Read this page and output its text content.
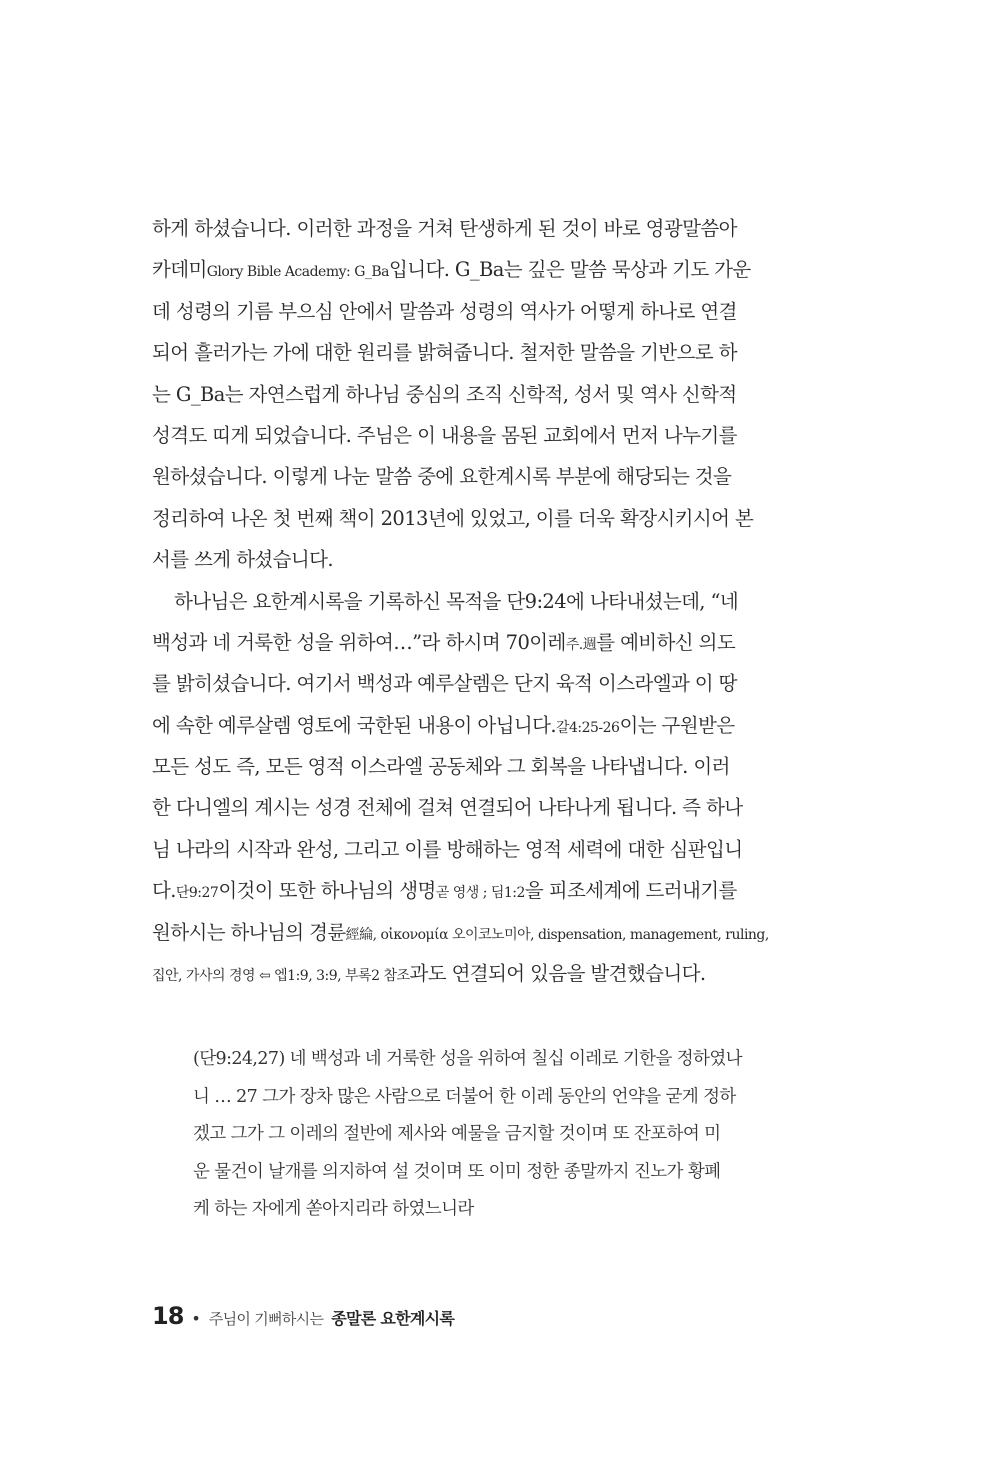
하게 하셨습니다. 이러한 과정을 거쳐 탄생하게 된 것이 바로 영광말씀아
카데미Glory Bible Academy: G_Ba입니다. G_Ba는 깊은 말씀 묵상과 기도 가운
데 성령의 기름 부으심 안에서 말씀과 성령의 역사가 어떻게 하나로 연결
되어 흘러가는 가에 대한 원리를 밝혀줍니다. 철저한 말씀을 기반으로 하
는 G_Ba는 자연스럽게 하나님 중심의 조직 신학적, 성서 및 역사 신학적
성격도 띠게 되었습니다. 주님은 이 내용을 몸된 교회에서 먼저 나누기를
원하셨습니다. 이렇게 나눈 말씀 중에 요한계시록 부분에 해당되는 것을
정리하여 나온 첫 번째 책이 2013년에 있었고, 이를 더욱 확장시키시어 본
서를 쓰게 하셨습니다.
하나님은 요한계시록을 기록하신 목적을 단9:24에 나타내셨는데, “네
백성과 네 거룩한 성을 위하여…”라 하시며 70이레주.週를 예비하신 의도
를 밝히셨습니다. 여기서 백성과 예루살렘은 단지 육적 이스라엘과 이 땅
에 속한 예루살렘 영토에 국한된 내용이 아닙니다.갈4:25-26이는 구원받은
모든 성도 즉, 모든 영적 이스라엘 공동체와 그 회복을 나타냅니다. 이러
한 다니엘의 계시는 성경 전체에 걸쳐 연결되어 나타나게 됩니다. 즉 하나
님 나라의 시작과 완성, 그리고 이를 방해하는 영적 세력에 대한 심판입니
다.단9:27이것이 또한 하나님의 생명곧 영생 ; 딤1:2을 피조세계에 드러내기를
원하시는 하나님의 경륜經綸, οἰκονομία 오이코노미아, dispensation, management, ruling,
집안, 가사의 경영 ⇦ 엡1:9, 3:9, 부록2 참조과도 연결되어 있음을 발견했습니다.
(단9:24,27) 네 백성과 네 거룩한 성을 위하여 칠십 이레로 기한을 정하였나
니 … 27 그가 장차 많은 사람으로 더불어 한 이레 동안의 언약을 굳게 정하
겠고 그가 그 이레의 절반에 제사와 예물을 금지할 것이며 또 잔포하여 미
운 물건이 날개를 의지하여 설 것이며 또 이미 정한 종말까지 진노가 황폐
케 하는 자에게 쏟아지리라 하였느니라
18 • 주님이 기뻐하시는 종말론 요한계시록
